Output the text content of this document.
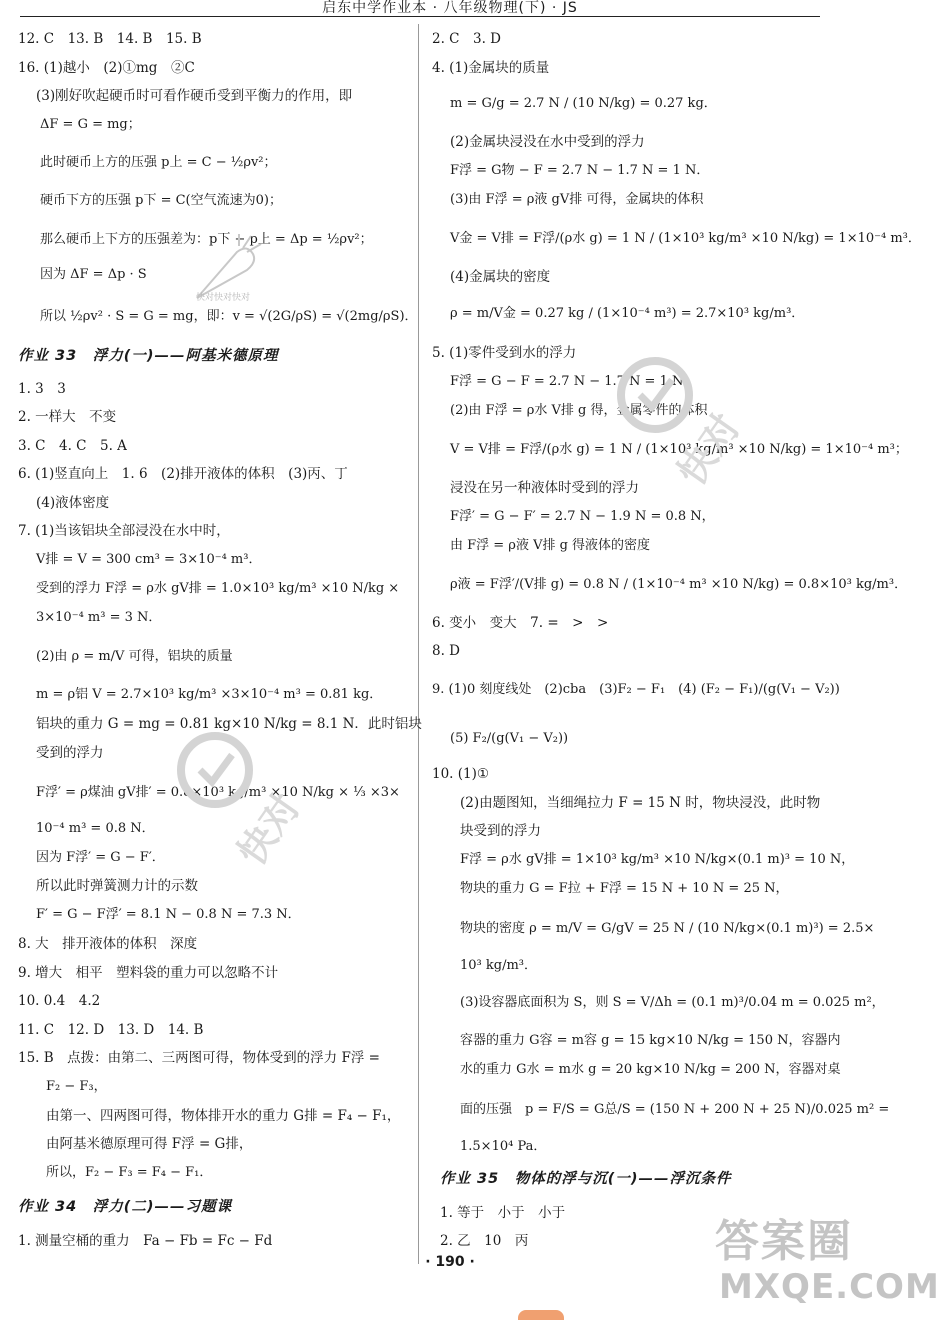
启东中学作业本 · 八年级物理(下) · JS
12. C　13. B　14. B　15. B
16. (1)越小　(2)①mg　②C
(3)刚好吹起硬币时可看作硬币受到平衡力的作用，即
ΔF = G = mg；
此时硬币上方的压强 p上 = C − ½ρv²；
硬币下方的压强 p下 = C(空气流速为0)；
那么硬币上下方的压强差为：p下 − p上 = Δp = ½ρv²；
因为 ΔF = Δp · S
所以 ½ρv² · S = G = mg，即：v = √(2G/ρS) = √(2mg/ρS)．
作业 33　浮力(一)——阿基米德原理
1. 3　3
2. 一样大　不变
3. C　4. C　5. A
6. (1)竖直向上　1. 6　(2)排开液体的体积　(3)丙、丁
(4)液体密度
7. (1)当该铝块全部浸没在水中时，
V排 = V = 300 cm³ = 3×10⁻⁴ m³．
受到的浮力 F浮 = ρ水 gV排 = 1.0×10³ kg/m³ ×10 N/kg ×
3×10⁻⁴ m³ = 3 N．
(2)由 ρ = m/V 可得，铝块的质量
m = ρ铝 V = 2.7×10³ kg/m³ ×3×10⁻⁴ m³ = 0.81 kg．
铝块的重力 G = mg = 0.81 kg×10 N/kg = 8.1 N．此时铝块
受到的浮力
F浮′ = ρ煤油 gV排′ = 0.8×10³ kg/m³ ×10 N/kg × ⅓ ×3×
10⁻⁴ m³ = 0.8 N．
因为 F浮′ = G − F′．
所以此时弹簧测力计的示数
F′ = G − F浮′ = 8.1 N − 0.8 N = 7.3 N．
8. 大　排开液体的体积　深度
9. 增大　相平　塑料袋的重力可以忽略不计
10. 0.4　4.2
11. C　12. D　13. D　14. B
15. B　点拨：由第二、三两图可得，物体受到的浮力 F浮 =
F₂ − F₃，
由第一、四两图可得，物体排开水的重力 G排 = F₄ − F₁，
由阿基米德原理可得 F浮 = G排，
所以，F₂ − F₃ = F₄ − F₁．
作业 34　浮力(二)——习题课
1. 测量空桶的重力　Fa − Fb = Fc − Fd
2. C　3. D
4. (1)金属块的质量
m = G/g = 2.7 N / (10 N/kg) = 0.27 kg．
(2)金属块浸没在水中受到的浮力
F浮 = G物 − F = 2.7 N − 1.7 N = 1 N．
(3)由 F浮 = ρ液 gV排 可得，金属块的体积
V金 = V排 = F浮/(ρ水 g) = 1 N / (1×10³ kg/m³ ×10 N/kg) = 1×10⁻⁴ m³．
(4)金属块的密度
ρ = m/V金 = 0.27 kg / (1×10⁻⁴ m³) = 2.7×10³ kg/m³．
5. (1)零件受到水的浮力
F浮 = G − F = 2.7 N − 1.7 N = 1 N．
(2)由 F浮 = ρ水 V排 g 得，金属零件的体积
V = V排 = F浮/(ρ水 g) = 1 N / (1×10³ kg/m³ ×10 N/kg) = 1×10⁻⁴ m³；
浸没在另一种液体时受到的浮力
F浮′ = G − F′ = 2.7 N − 1.9 N = 0.8 N，
由 F浮 = ρ液 V排 g 得液体的密度
ρ液 = F浮′/(V排 g) = 0.8 N / (1×10⁻⁴ m³ ×10 N/kg) = 0.8×10³ kg/m³．
6. 变小　变大　7. =　>　>
8. D
9. (1)0 刻度线处　(2)cba　(3)F₂ − F₁　(4) (F₂ − F₁)/(g(V₁ − V₂))
(5) F₂/(g(V₁ − V₂))
10. (1)①
(2)由题图知，当细绳拉力 F = 15 N 时，物块浸没，此时物
块受到的浮力
F浮 = ρ水 gV排 = 1×10³ kg/m³ ×10 N/kg×(0.1 m)³ = 10 N，
物块的重力 G = F拉 + F浮 = 15 N + 10 N = 25 N，
物块的密度 ρ = m/V = G/gV = 25 N / (10 N/kg×(0.1 m)³) = 2.5×
10³ kg/m³．
(3)设容器底面积为 S，则 S = V/Δh = (0.1 m)³/0.04 m = 0.025 m²，
容器的重力 G容 = m容 g = 15 kg×10 N/kg = 150 N，容器内
水的重力 G水 = m水 g = 20 kg×10 N/kg = 200 N，容器对桌
面的压强　p = F/S = G总/S = (150 N + 200 N + 25 N)/0.025 m² =
1.5×10⁴ Pa．
作业 35　物体的浮与沉(一)——浮沉条件
1. 等于　小于　小于
2. 乙　10　丙
快对快对快对
快对
快对
· 190 ·	答案圈
MXQE.COM
